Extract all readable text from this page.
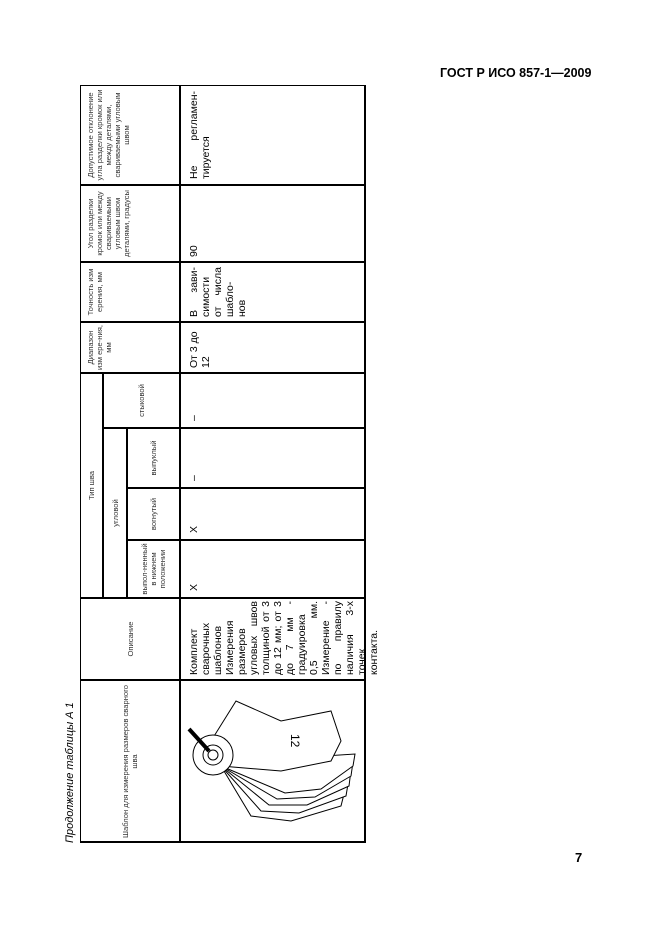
ГОСТ Р ИСО 857-1—2009
Продолжение таблицы А 1	Шаблон для измерения размеров сварного шва
Описание
Тип шва
угловой
выпол-ненный в нижнем положении
вогнутый
выпуклый
стыковой
Диапазон изм ере-ния, мм
Точность изм ерения, мм
Угол разделки кромок или между свариваемыми угловым швом деталями, градусы
Допустимое отклонение угла разделки кромок или между деталями, свариваемыми угловым швом
12
Комплект сварочных шаблонов Измерения размеров угловых швов толщиной от 3 до 12 мм; от 3 до 7 мм - градуировка 0,5 мм. Измерение - по правилу наличия 3-х точек контакта.
X
X
–
–
От 3 до 12
В зави-симости от числа шабло-нов
90
Не регламен-тируется
7
